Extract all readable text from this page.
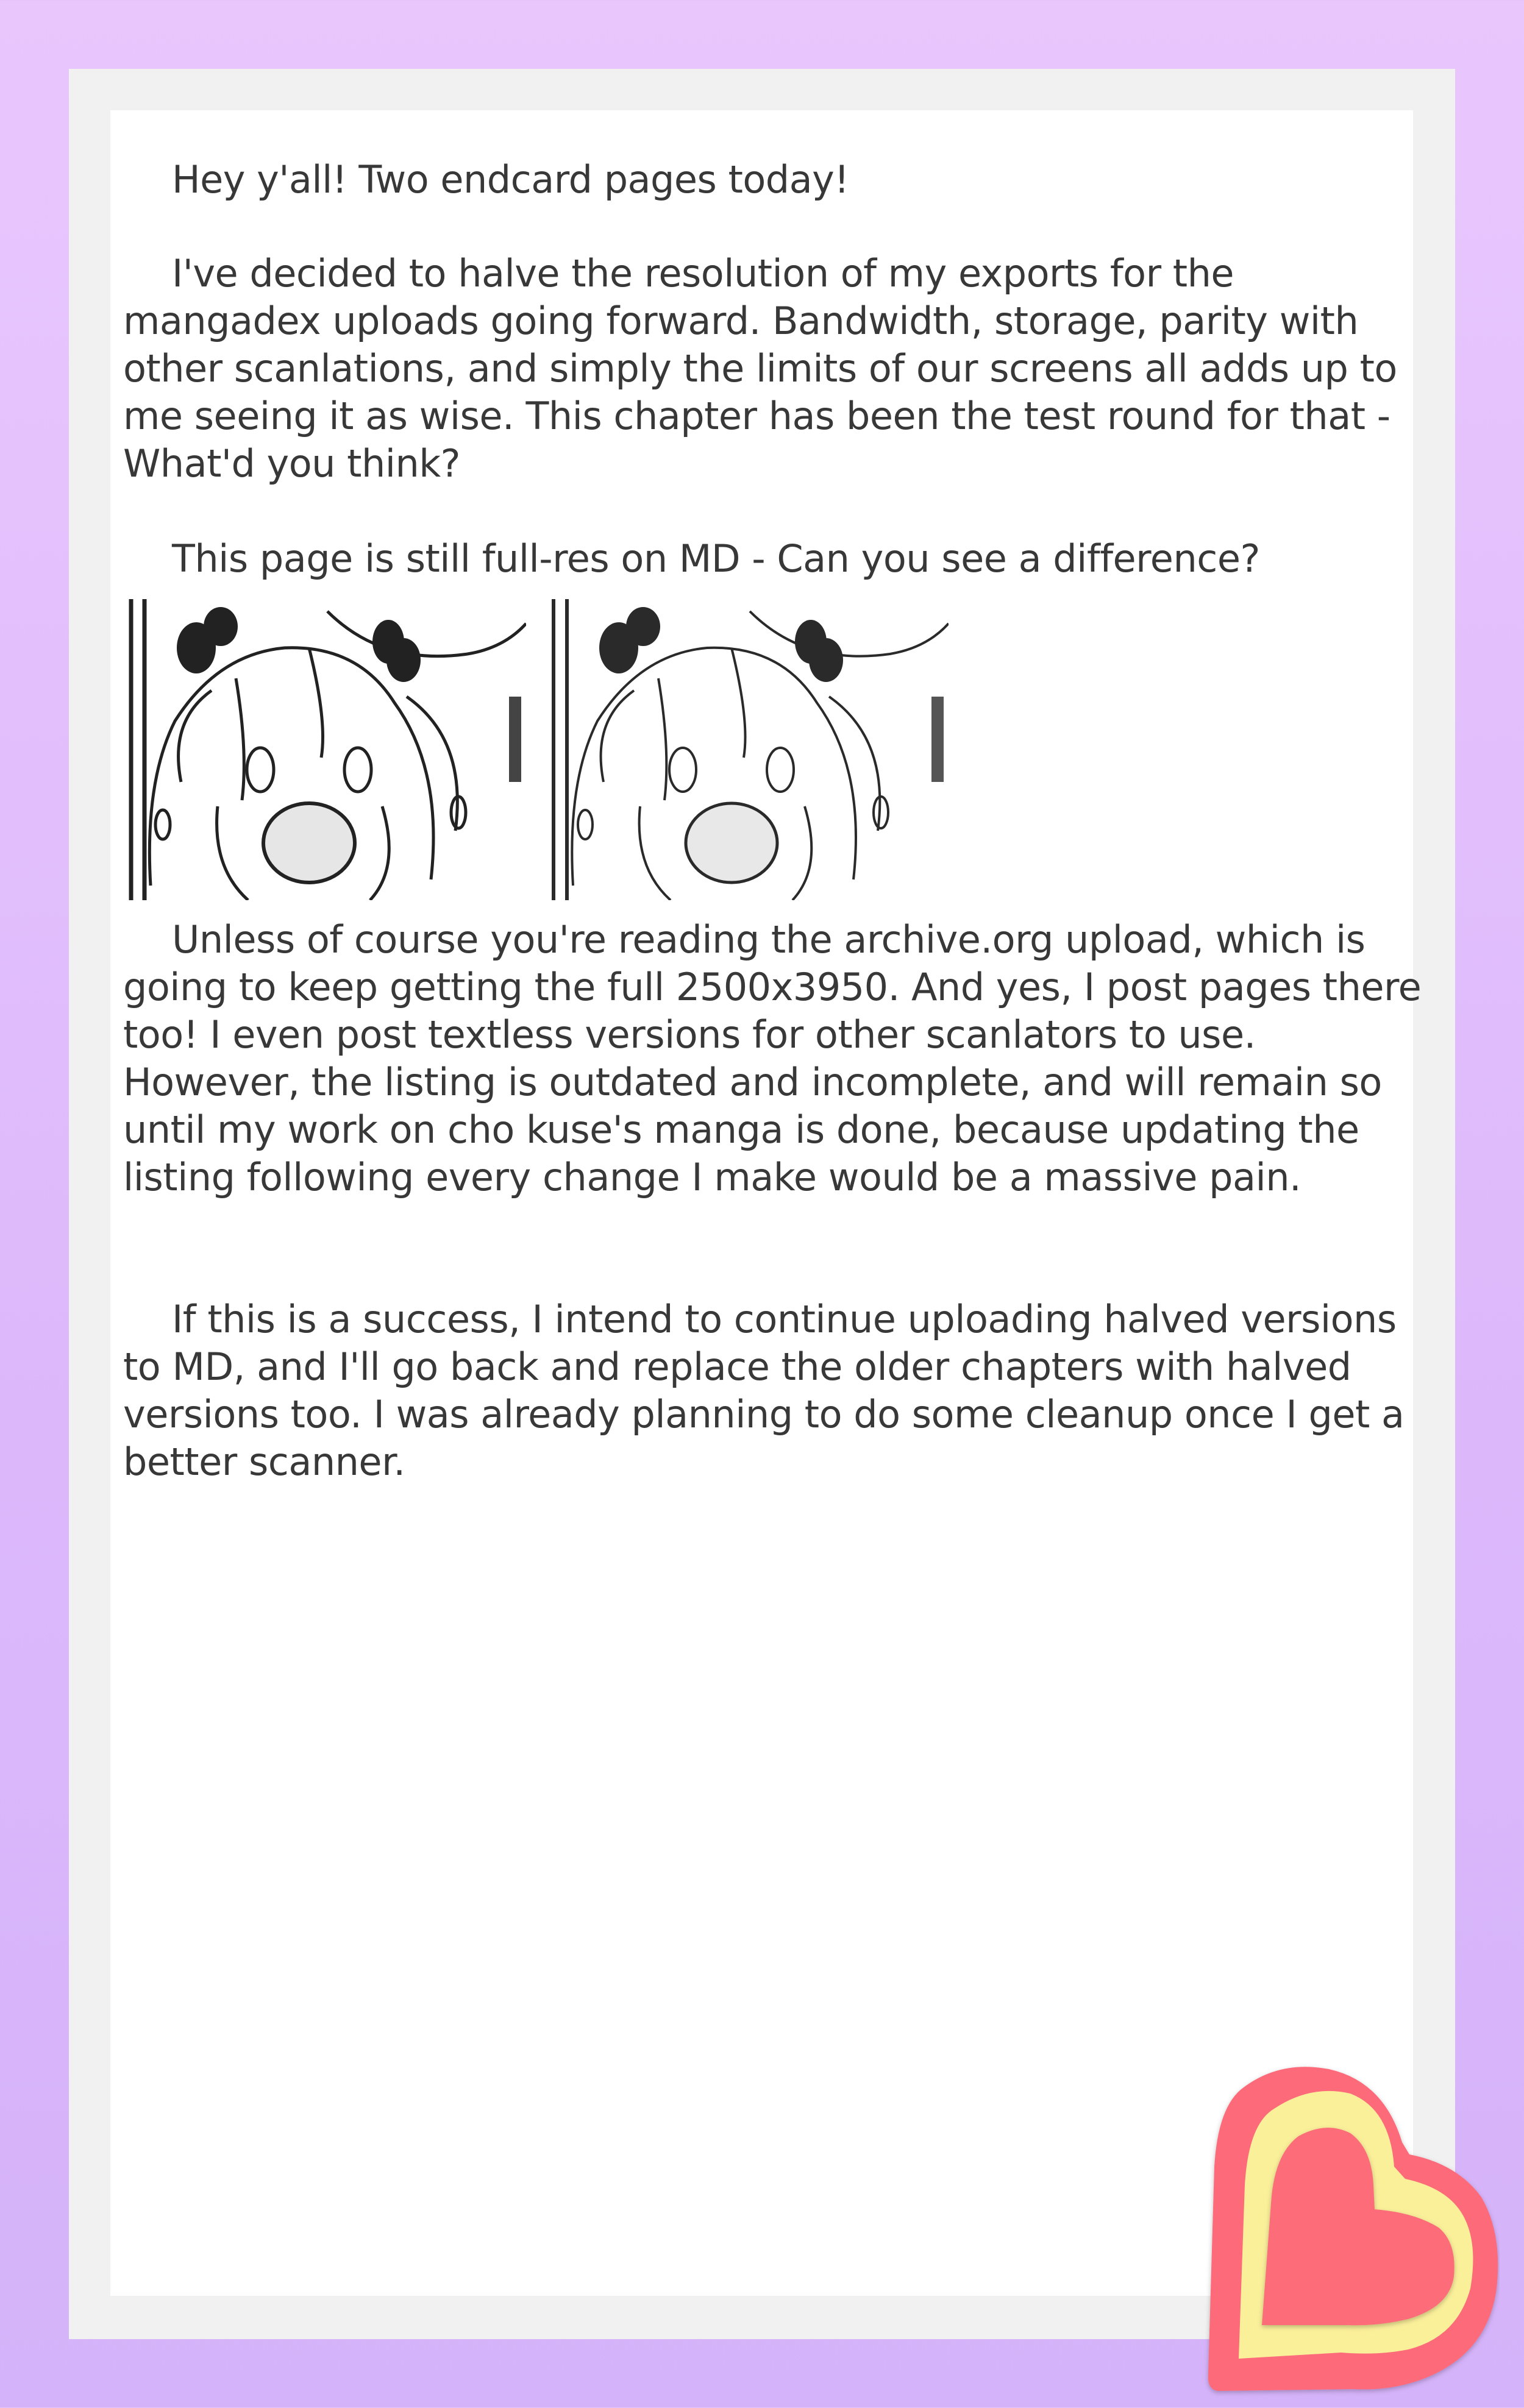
Hey y'all! Two endcard pages today!
I've decided to halve the resolution of my exports for the
mangadex uploads going forward. Bandwidth, storage, parity with
other scanlations, and simply the limits of our screens all adds up to
me seeing it as wise. This chapter has been the test round for that -
What'd you think?
This page is still full-res on MD - Can you see a difference?
Unless of course you're reading the archive.org upload, which is
going to keep getting the full 2500x3950. And yes, I post pages there
too! I even post textless versions for other scanlators to use.
However, the listing is outdated and incomplete, and will remain so
until my work on cho kuse's manga is done, because updating the
listing following every change I make would be a massive pain.
If this is a success, I intend to continue uploading halved versions
to MD, and I'll go back and replace the older chapters with halved
versions too. I was already planning to do some cleanup once I get a
better scanner.
